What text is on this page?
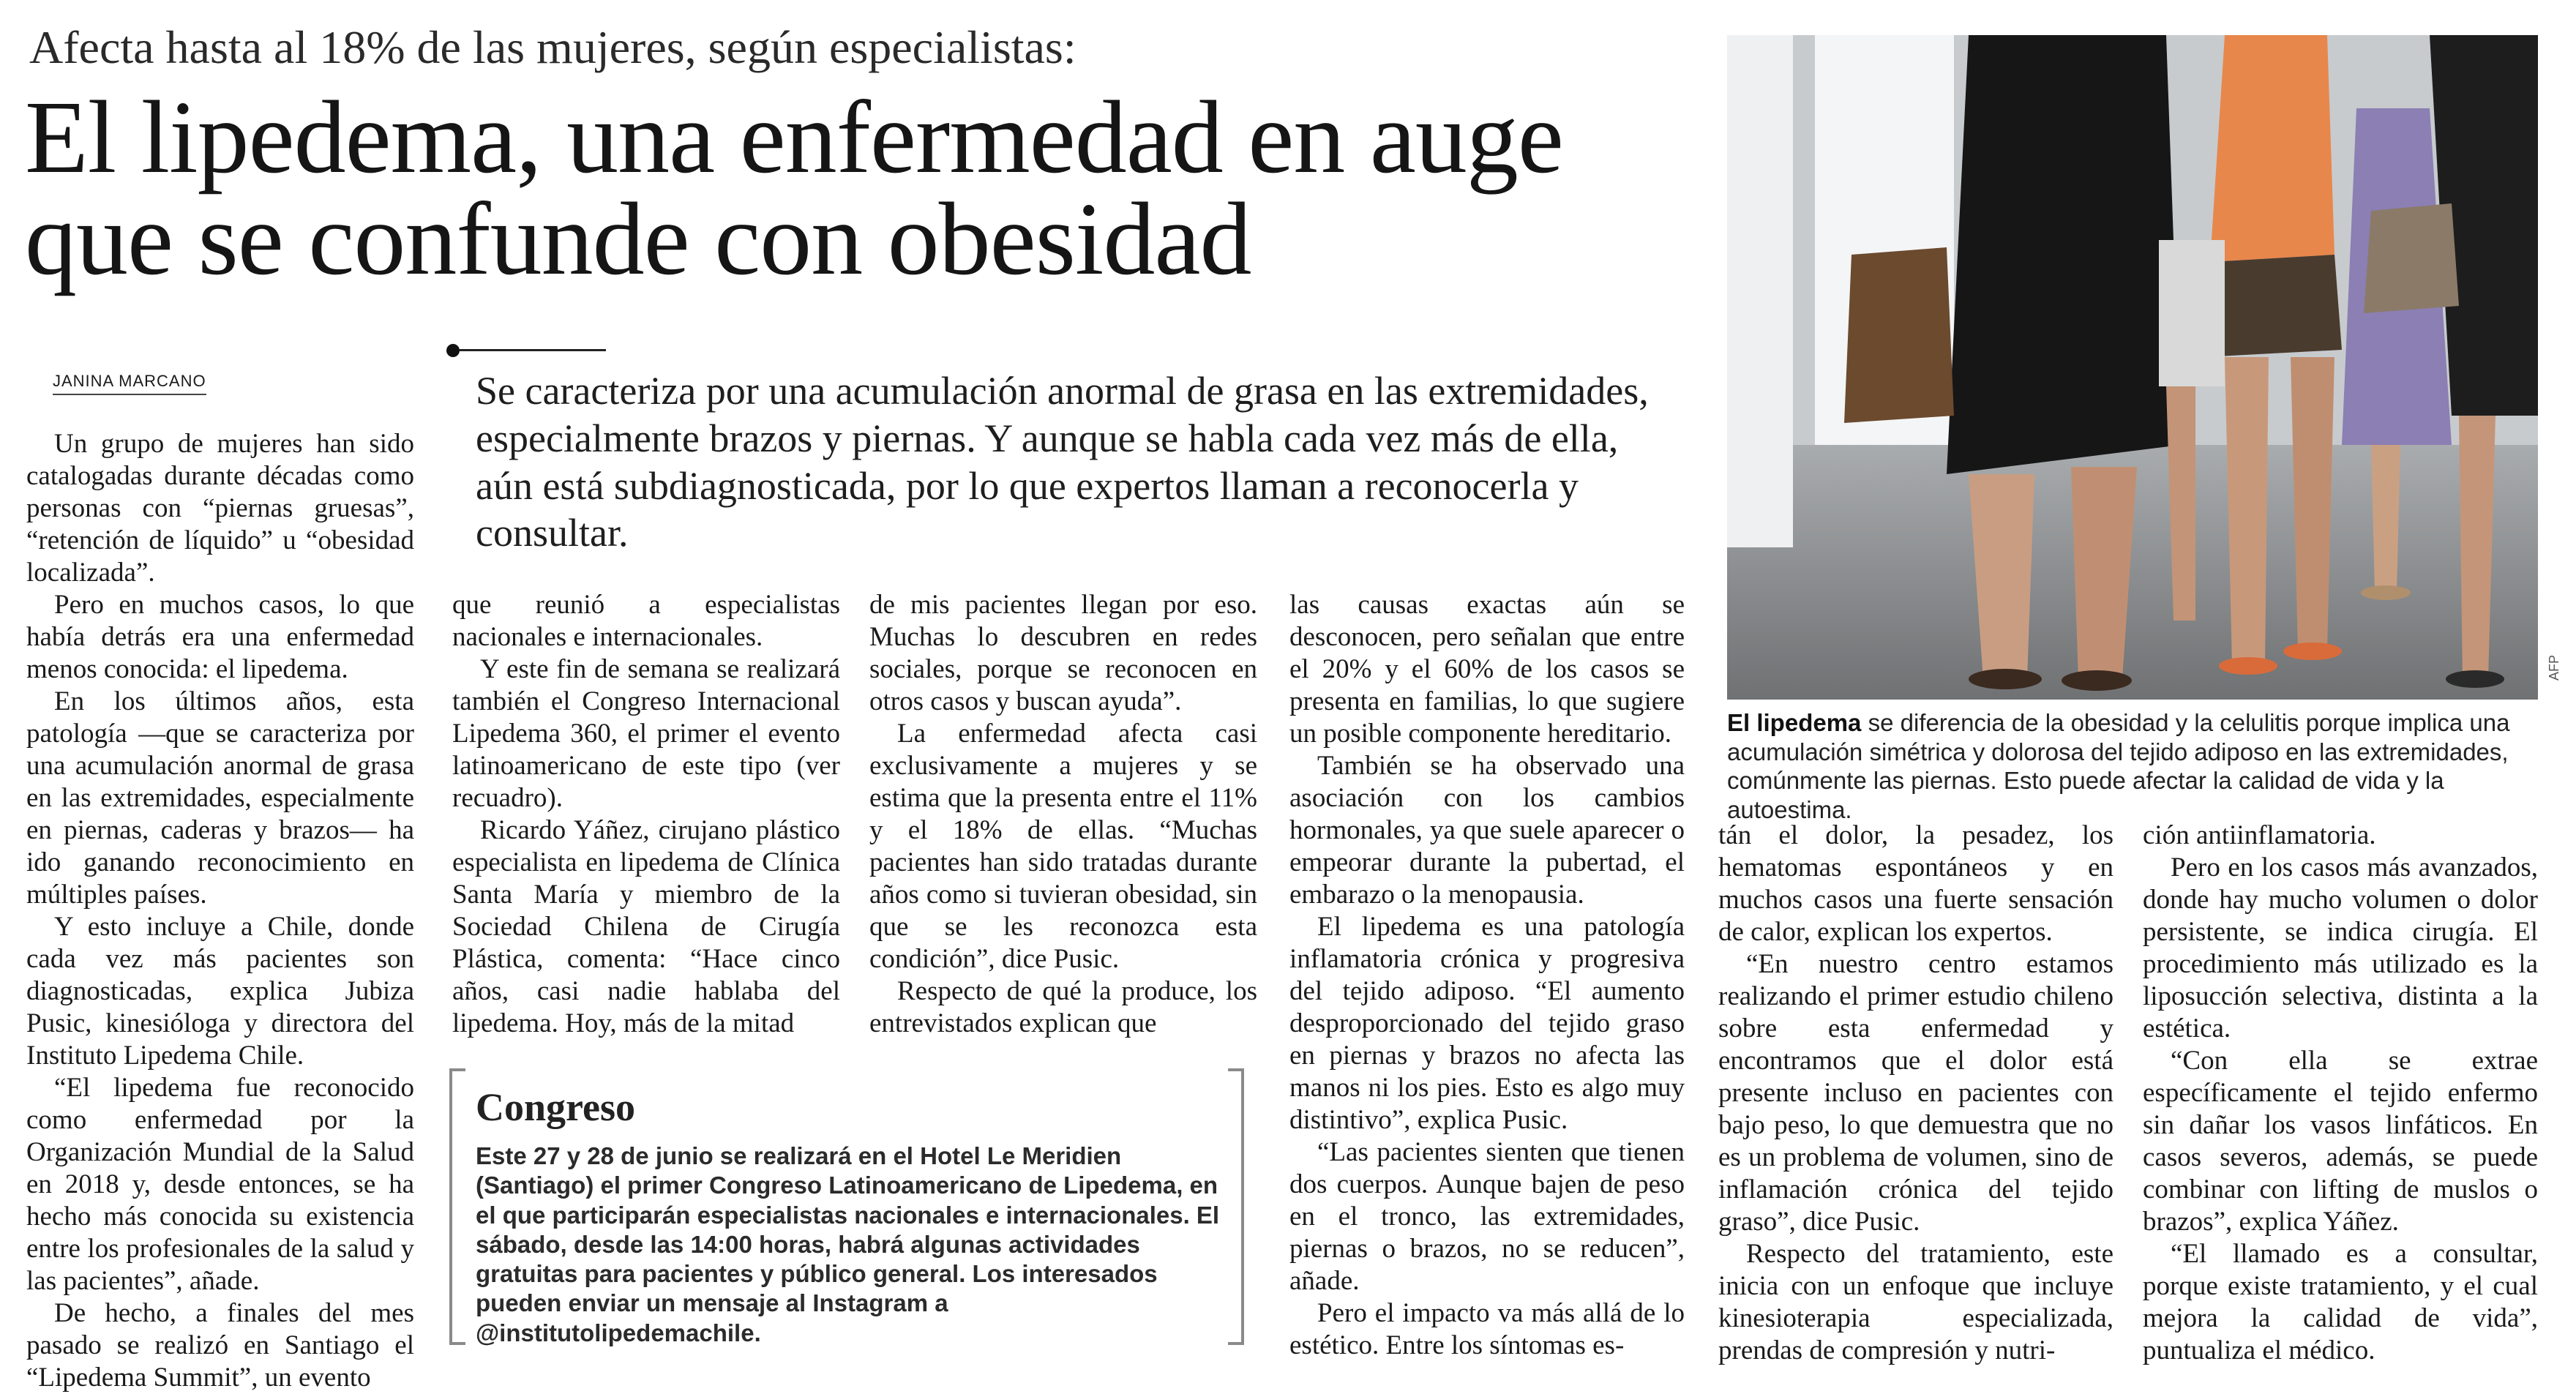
Afecta hasta al 18% de las mujeres, según especialistas:
El lipedema, una enfermedad en auge que se confunde con obesidad
JANINA MARCANO	Se caracteriza por una acumulación anormal de grasa en las extremidades, especialmente brazos y piernas. Y aunque se habla cada vez más de ella, aún está subdiagnosticada, por lo que expertos llaman a reconocerla y consultar.

Un grupo de mujeres han sido catalogadas durante décadas como personas con “piernas gruesas”, “retención de líquido” u “obesidad localizada”.

Pero en muchos casos, lo que había detrás era una enfermedad menos conocida: el lipedema.

En los últimos años, esta patología —que se caracteriza por una acumulación anormal de grasa en las extremidades, especialmente en piernas, caderas y brazos— ha ido ganando reconocimiento en múltiples países.

Y esto incluye a Chile, donde cada vez más pacientes son diagnosticadas, explica Jubiza Pusic, kinesióloga y directora del Instituto Lipedema Chile.

“El lipedema fue reconocido como enfermedad por la Organización Mundial de la Salud en 2018 y, desde entonces, se ha hecho más conocida su existencia entre los profesionales de la salud y las pacientes”, añade.

De hecho, a finales del mes pasado se realizó en Santiago el “Lipedema Summit”, un evento

que reunió a especialistas nacionales e internacionales.

Y este fin de semana se realizará también el Congreso Internacional Lipedema 360, el primer el evento latinoamericano de este tipo (ver recuadro).

Ricardo Yáñez, cirujano plástico especialista en lipedema de Clínica Santa María y miembro de la Sociedad Chilena de Cirugía Plástica, comenta: “Hace cinco años, casi nadie hablaba del lipedema. Hoy, más de la mitad

de mis pacientes llegan por eso. Muchas lo descubren en redes sociales, porque se reconocen en otros casos y buscan ayuda”.

La enfermedad afecta casi exclusivamente a mujeres y se estima que la presenta entre el 11% y el 18% de ellas. “Muchas pacientes han sido tratadas durante años como si tuvieran obesidad, sin que se les reconozca esta condición”, dice Pusic.

Respecto de qué la produce, los entrevistados explican que

las causas exactas aún se desconocen, pero señalan que entre el 20% y el 60% de los casos se presenta en familias, lo que sugiere un posible componente hereditario.

También se ha observado una asociación con los cambios hormonales, ya que suele aparecer o empeorar durante la pubertad, el embarazo o la menopausia.

El lipedema es una patología inflamatoria crónica y progresiva del tejido adiposo. “El aumento desproporcionado del tejido graso en piernas y brazos no afecta las manos ni los pies. Esto es algo muy distintivo”, explica Pusic.

“Las pacientes sienten que tienen dos cuerpos. Aunque bajen de peso en el tronco, las extremidades, piernas o brazos, no se reducen”, añade.

Pero el impacto va más allá de lo estético. Entre los síntomas es-

tán el dolor, la pesadez, los hematomas espontáneos y en muchos casos una fuerte sensación de calor, explican los expertos.

“En nuestro centro estamos realizando el primer estudio chileno sobre esta enfermedad y encontramos que el dolor está presente incluso en pacientes con bajo peso, lo que demuestra que no es un problema de volumen, sino de inflamación crónica del tejido graso”, dice Pusic.

Respecto del tratamiento, este inicia con un enfoque que incluye kinesioterapia especializada, prendas de compresión y nutri-

ción antiinflamatoria.

Pero en los casos más avanzados, donde hay mucho volumen o dolor persistente, se indica cirugía. El procedimiento más utilizado es la liposucción selectiva, distinta a la estética.

“Con ella se extrae específicamente el tejido enfermo sin dañar los vasos linfáticos. En casos severos, además, se puede combinar con lifting de muslos o brazos”, explica Yáñez.

“El llamado es a consultar, porque existe tratamiento, y el cual mejora la calidad de vida”, puntualiza el médico.

AFP
El lipedema se diferencia de la obesidad y la celulitis porque implica una acumulación simétrica y dolorosa del tejido adiposo en las extremidades, comúnmente las piernas. Esto puede afectar la calidad de vida y la autoestima.
Congreso
Este 27 y 28 de junio se realizará en el Hotel Le Meridien (Santiago) el primer Congreso Latinoamericano de Lipedema, en el que participarán especialistas nacionales e internacionales. El sábado, desde las 14:00 horas, habrá algunas actividades gratuitas para pacientes y público general. Los interesados pueden enviar un mensaje al Instagram a @institutolipedemachile.
